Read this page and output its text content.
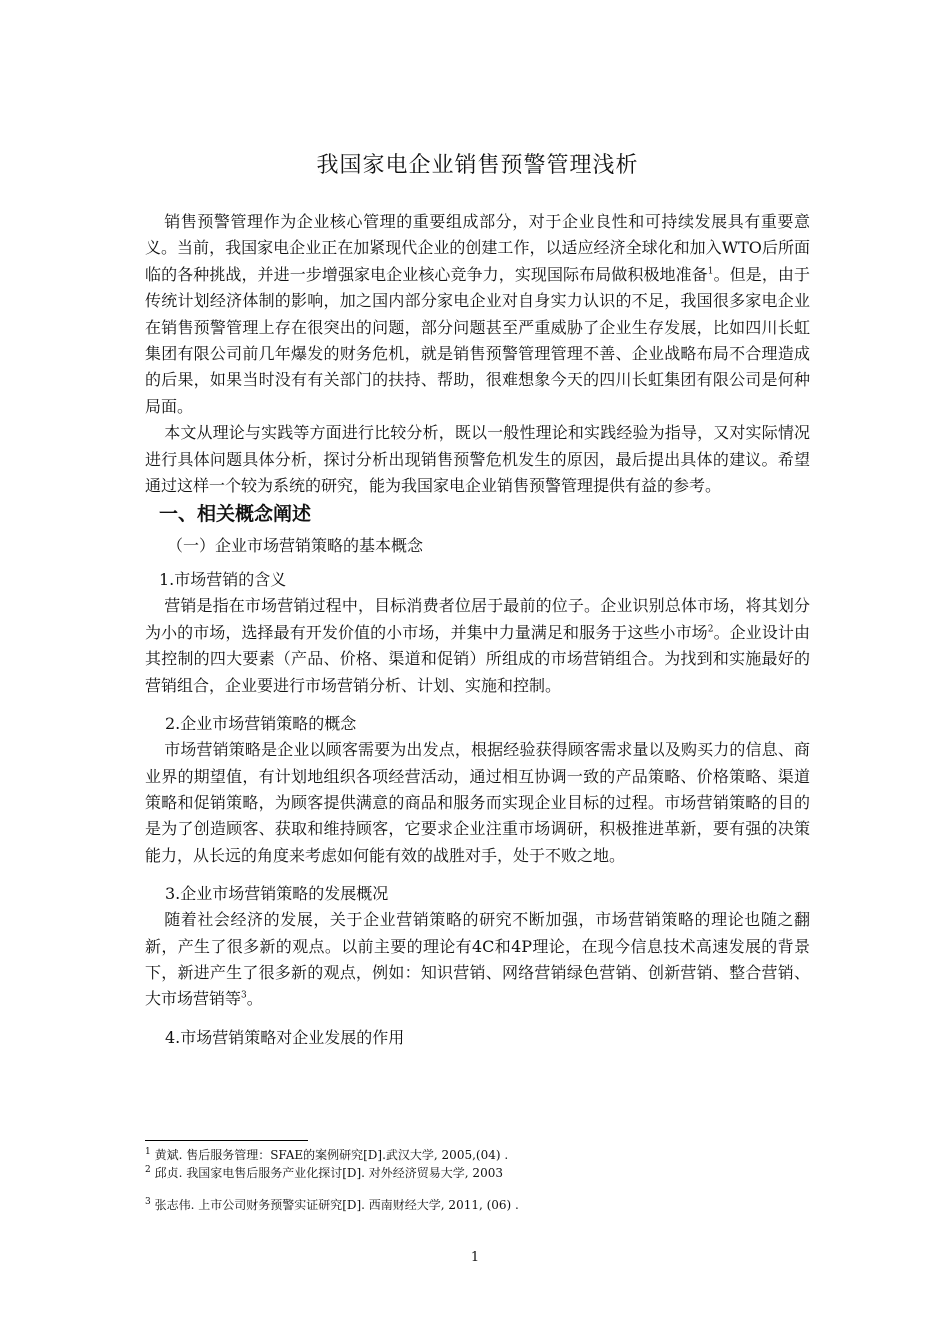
我国家电企业销售预警管理浅析

销售预警管理作为企业核心管理的重要组成部分，对于企业良性和可持续发展具有重要意义。当前，我国家电企业正在加紧现代企业的创建工作，以适应经济全球化和加入WTO后所面临的各种挑战，并进一步增强家电企业核心竞争力，实现国际布局做积极地准备$^1$。但是，由于传统计划经济体制的影响，加之国内部分家电企业对自身实力认识的不足，我国很多家电企业在销售预警管理上存在很突出的问题，部分问题甚至严重威胁了企业生存发展，比如四川长虹集团有限公司前几年爆发的财务危机，就是销售预警管理管理不善、企业战略布局不合理造成的后果，如果当时没有有关部门的扶持、帮助，很难想象今天的四川长虹集团有限公司是何种局面。

本文从理论与实践等方面进行比较分析，既以一般性理论和实践经验为指导，又对实际情况进行具体问题具体分析，探讨分析出现销售预警危机发生的原因，最后提出具体的建议。希望通过这样一个较为系统的研究，能为我国家电企业销售预警管理提供有益的参考。

一、相关概念阐述
（一）企业市场营销策略的基本概念
1.市场营销的含义

营销是指在市场营销过程中，目标消费者位居于最前的位子。企业识别总体市场，将其划分为小的市场，选择最有开发价值的小市场，并集中力量满足和服务于这些小市场$^2$。企业设计由其控制的四大要素（产品、价格、渠道和促销）所组成的市场营销组合。为找到和实施最好的营销组合，企业要进行市场营销分析、计划、实施和控制。

2.企业市场营销策略的概念

市场营销策略是企业以顾客需要为出发点，根据经验获得顾客需求量以及购买力的信息、商业界的期望值，有计划地组织各项经营活动，通过相互协调一致的产品策略、价格策略、渠道策略和促销策略，为顾客提供满意的商品和服务而实现企业目标的过程。市场营销策略的目的是为了创造顾客、获取和维持顾客，它要求企业注重市场调研，积极推进革新，要有强的决策能力，从长远的角度来考虑如何能有效的战胜对手，处于不败之地。

3.企业市场营销策略的发展概况

随着社会经济的发展，关于企业营销策略的研究不断加强，市场营销策略的理论也随之翻新，产生了很多新的观点。以前主要的理论有4C和4P理论，在现今信息技术高速发展的背景下，新进产生了很多新的观点，例如：知识营销、网络营销绿色营销、创新营销、整合营销、大市场营销等$^3$。

4.市场营销策略对企业发展的作用
$^1$ 黄斌. 售后服务管理：SFAE的案例研究[D].武汉大学, 2005,(04) .
$^2$ 邱贞. 我国家电售后服务产业化探讨[D]. 对外经济贸易大学, 2003
$^3$ 张志伟. 上市公司财务预警实证研究[D]. 西南财经大学, 2011, (06) .
1
